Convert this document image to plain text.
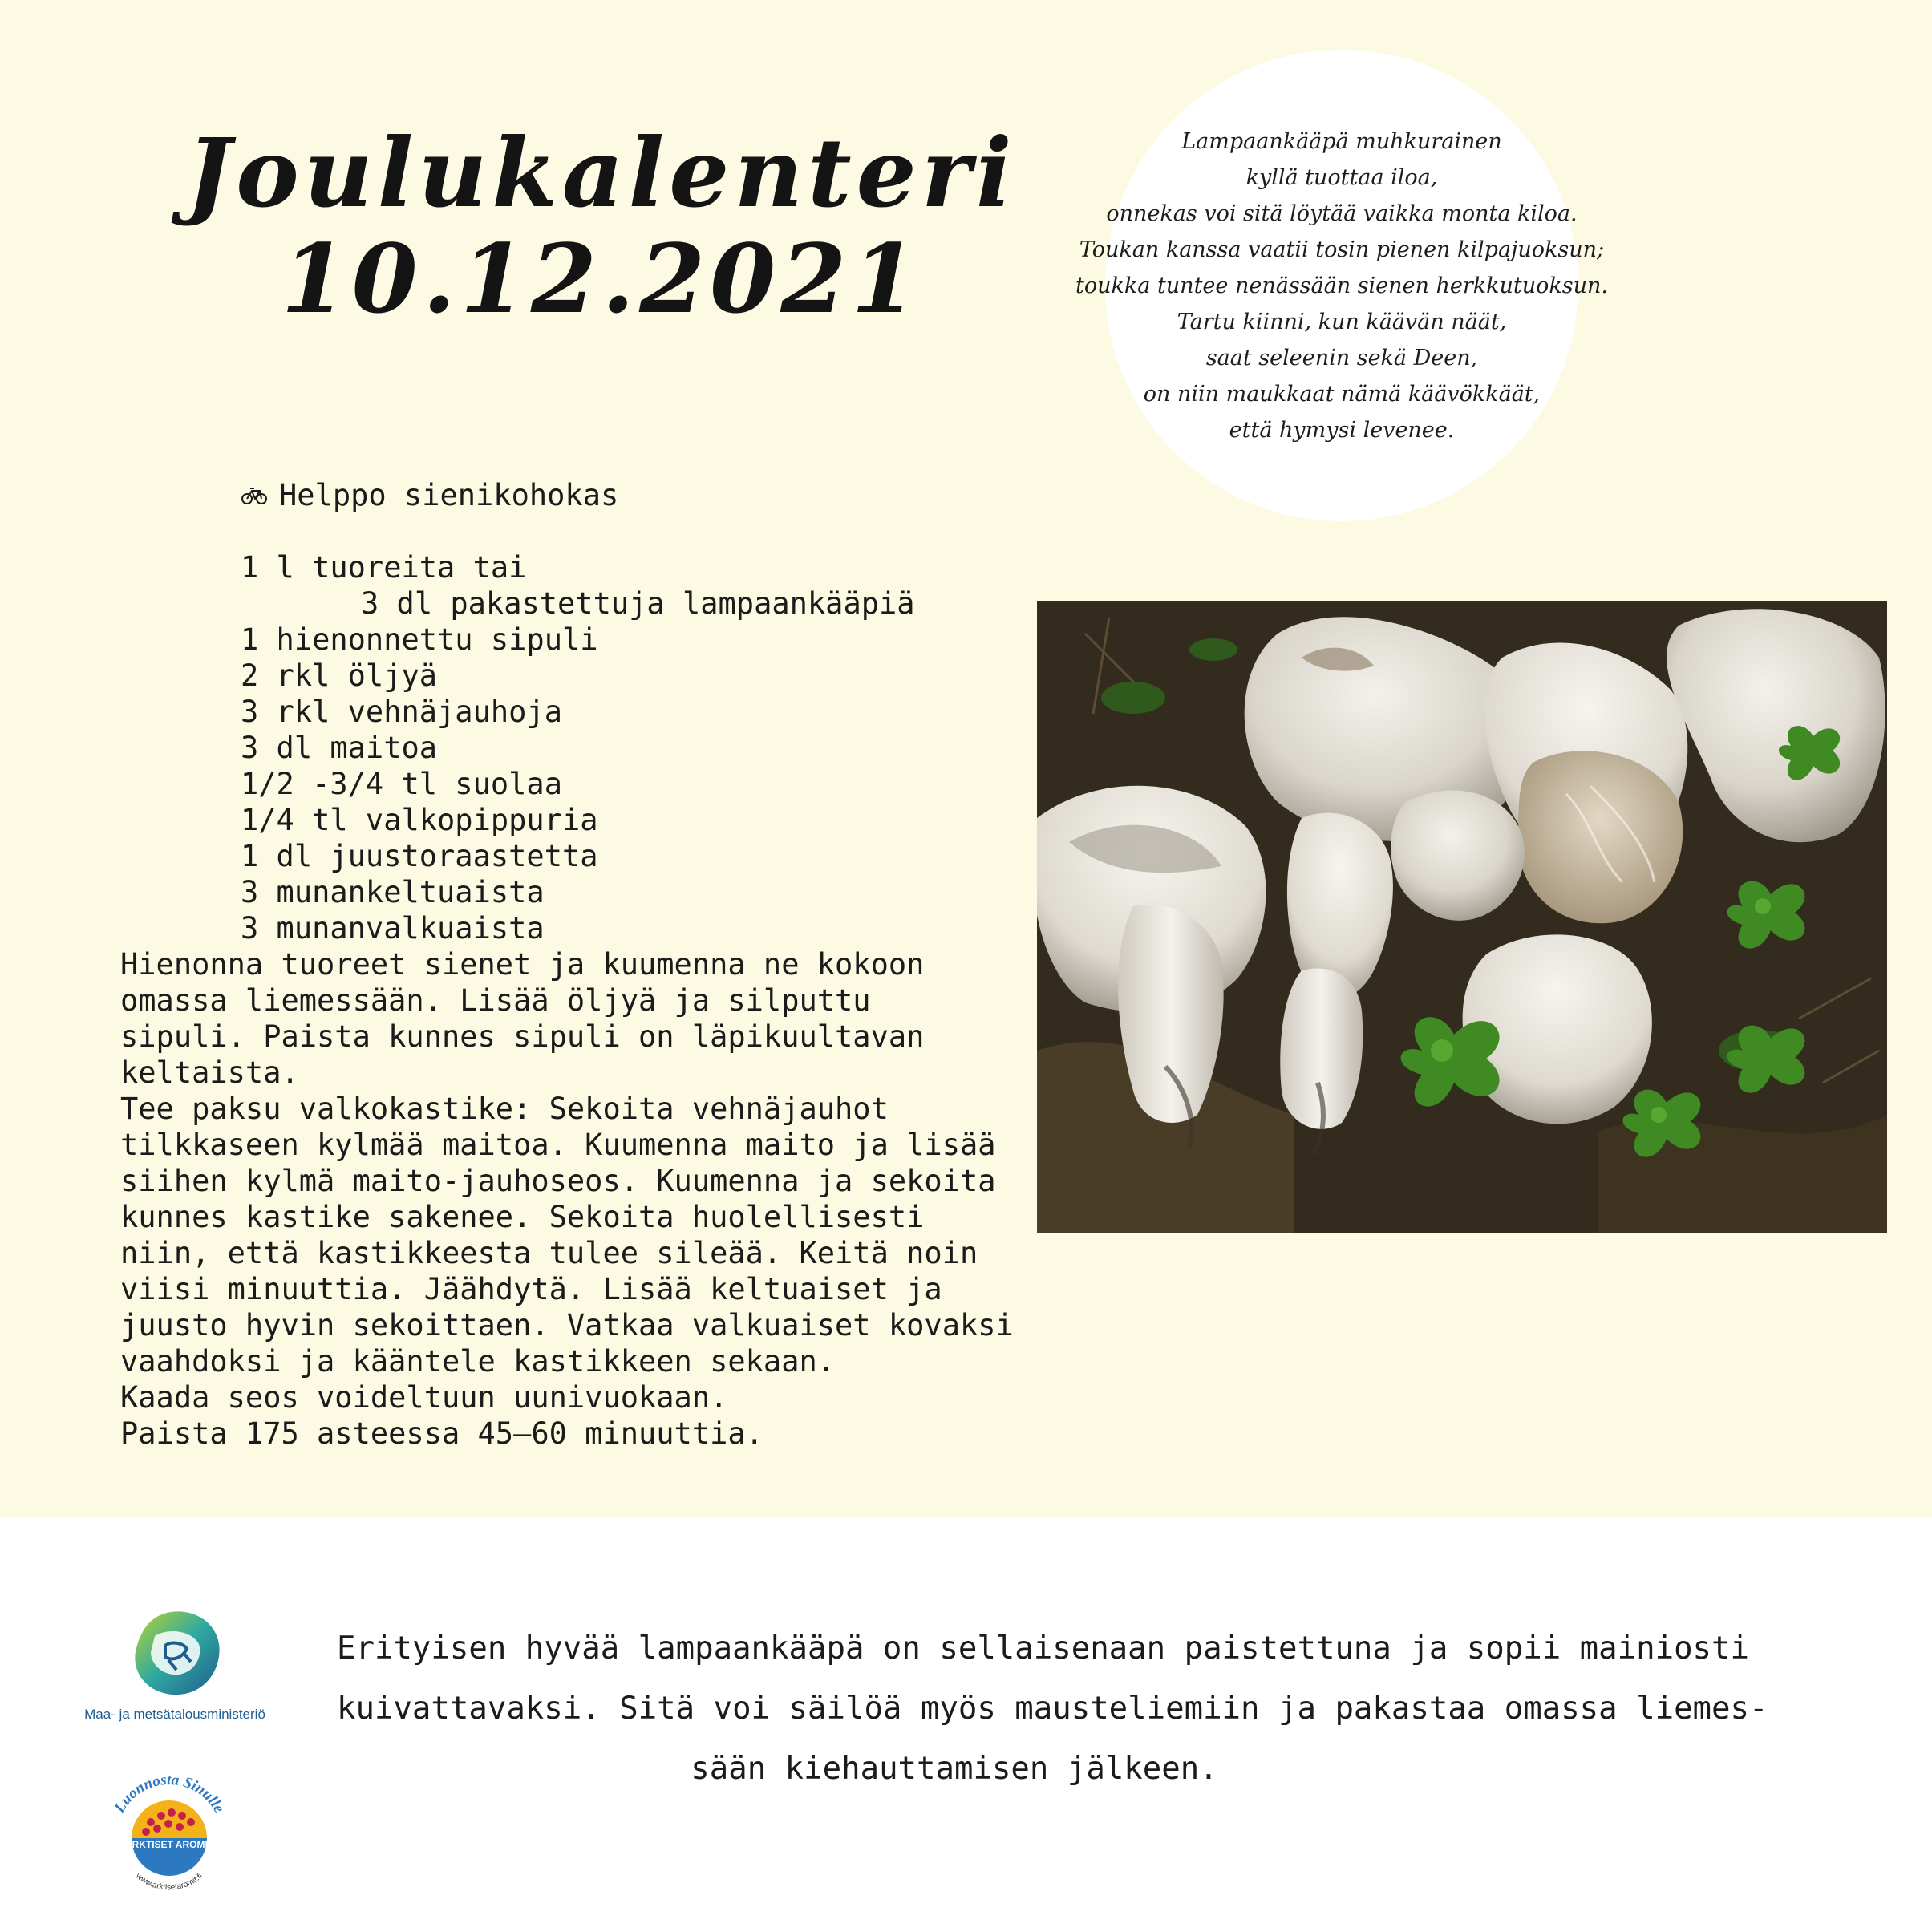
Joulukalenteri
10.12.2021
Lampaankääpä muhkurainen
kyllä tuottaa iloa,
onnekas voi sitä löytää vaikka monta kiloa.
Toukan kanssa vaatii tosin pienen kilpajuoksun;
toukka tuntee nenässään sienen herkkutuoksun.
Tartu kiinni, kun käävän näät,
saat seleenin sekä Deen,
on niin maukkaat nämä käävökkäät,
että hymysi levenee.
Helppo sienikohokas
1 l tuoreita tai
3 dl pakastettuja lampaankääpiä
1 hienonnettu sipuli
2 rkl öljyä
3 rkl vehnäjauhoja
3 dl maitoa
1/2 -3/4 tl suolaa
1/4 tl valkopippuria
1 dl juustoraastetta
3 munankeltuaista
3 munanvalkuaista
Hienonna tuoreet sienet ja kuumenna ne kokoon
omassa liemessään. Lisää öljyä ja silputtu
sipuli. Paista kunnes sipuli on läpikuultavan
keltaista.
Tee paksu valkokastike: Sekoita vehnäjauhot
tilkkaseen kylmää maitoa. Kuumenna maito ja lisää
siihen kylmä maito-jauhoseos. Kuumenna ja sekoita
kunnes kastike sakenee. Sekoita huolellisesti
niin, että kastikkeesta tulee sileää. Keitä noin
viisi minuuttia. Jäähdytä. Lisää keltuaiset ja
juusto hyvin sekoittaen. Vatkaa valkuaiset kovaksi
vaahdoksi ja kääntele kastikkeen sekaan.
Kaada seos voideltuun uunivuokaan.
Paista 175 asteessa 45–60 minuuttia.
Erityisen hyvää lampaankääpä on sellaisenaan paistettuna ja sopii mainiosti
kuivattavaksi. Sitä voi säilöä myös mausteliemiin ja pakastaa omassa liemes-
sään kiehauttamisen jälkeen.
Maa- ja metsätalousministeriö
ARKTISET AROMIT
Luonnosta Sinulle
www.arktisetaromit.fi
